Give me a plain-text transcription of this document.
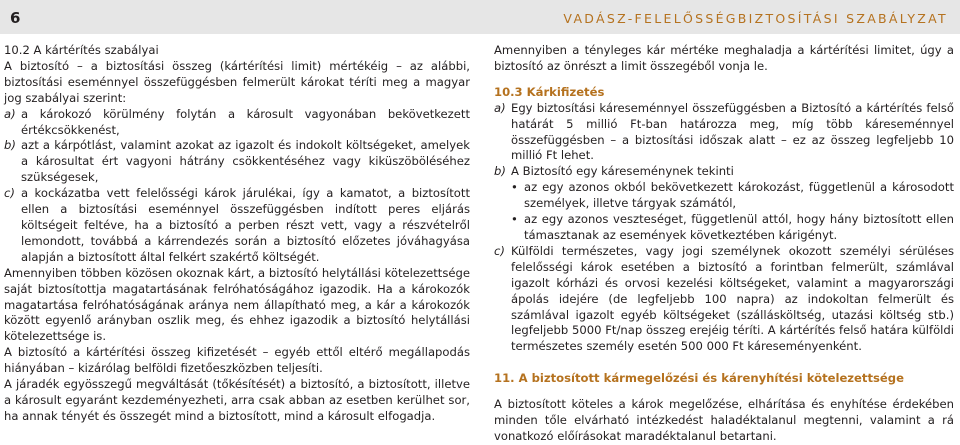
6	VADÁSZ-FELELŐSSÉGBIZTOSÍTÁSI SZABÁLYZAT

10.2 A kártérítés szabályai

A biztosító – a biztosítási összeg (kártérítési limit) mértékéig – az alábbi, biztosítási eseménnyel összefüggésben felmerült károkat téríti meg a magyar jog szabályai szerint:

a) a károkozó körülmény folytán a károsult vagyonában bekövetkezett értékcsökkenést,
b) azt a kárpótlást, valamint azokat az igazolt és indokolt költségeket, amelyek a károsultat ért vagyoni hátrány csökkentéséhez vagy kiküszöböléséhez szükségesek,
c) a kockázatba vett felelősségi károk járulékai, így a kamatot, a biztosított ellen a biztosítási eseménnyel összefüggésben indított peres eljárás költségeit feltéve, ha a biztosító a perben részt vett, vagy a részvételről lemondott, továbbá a kárrendezés során a biztosító előzetes jóváhagyása alapján a biztosított által felkért szakértő költségét.

Amennyiben többen közösen okoznak kárt, a biztosító helytállási kötelezettsége saját biztosítottja magatartásának felróhatóságához igazodik. Ha a károkozók magatartása felróhatóságának aránya nem állapítható meg, a kár a károkozók között egyenlő arányban oszlik meg, és ehhez igazodik a biztosító helytállási kötelezettsége is.

A biztosító a kártérítési összeg kifizetését – egyéb ettől eltérő megállapodás hiányában – kizárólag belföldi fizetőeszközben teljesíti.

A járadék egyösszegű megváltását (tőkésítését) a biztosító, a biztosított, illetve a károsult egyaránt kezdeményezheti, arra csak abban az esetben kerülhet sor, ha annak tényét és összegét mind a biztosított, mind a károsult elfogadja.

Amennyiben a tényleges kár mértéke meghaladja a kártérítési limitet, úgy a biztosító az önrészt a limit összegéből vonja le.

10.3 Kárkifizetés

a) Egy biztosítási káreseménnyel összefüggésben a Biztosító a kártérítés felső határát 5 millió Ft-ban határozza meg, míg több káreseménnyel összefüggésben – a biztosítási időszak alatt – ez az összeg legfeljebb 10 millió Ft lehet.
b) A Biztosító egy káreseménynek tekinti
• az egy azonos okból bekövetkezett károkozást, függetlenül a károsodott személyek, illetve tárgyak számától,
• az egy azonos veszteséget, függetlenül attól, hogy hány biztosított ellen támasztanak az események következtében kárigényt.
c) Külföldi természetes, vagy jogi személynek okozott személyi sérüléses felelősségi károk esetében a biztosító a forintban felmerült, számlával igazolt kórházi és orvosi kezelési költségeket, valamint a magyarországi ápolás idejére (de legfeljebb 100 napra) az indokoltan felmerült és számlával igazolt egyéb költségeket (szállásköltség, utazási költség stb.) legfeljebb 5000 Ft/nap összeg erejéig téríti. A kártérítés felső határa külföldi természetes személy esetén 500 000 Ft káreseményenként.

11. A biztosított kármegelőzési és kárenyhítési kötelezettsége

A biztosított köteles a károk megelőzése, elhárítása és enyhítése érdekében minden tőle elvárható intézkedést haladéktalanul megtenni, valamint a rá vonatkozó előírásokat maradéktalanul betartani.
